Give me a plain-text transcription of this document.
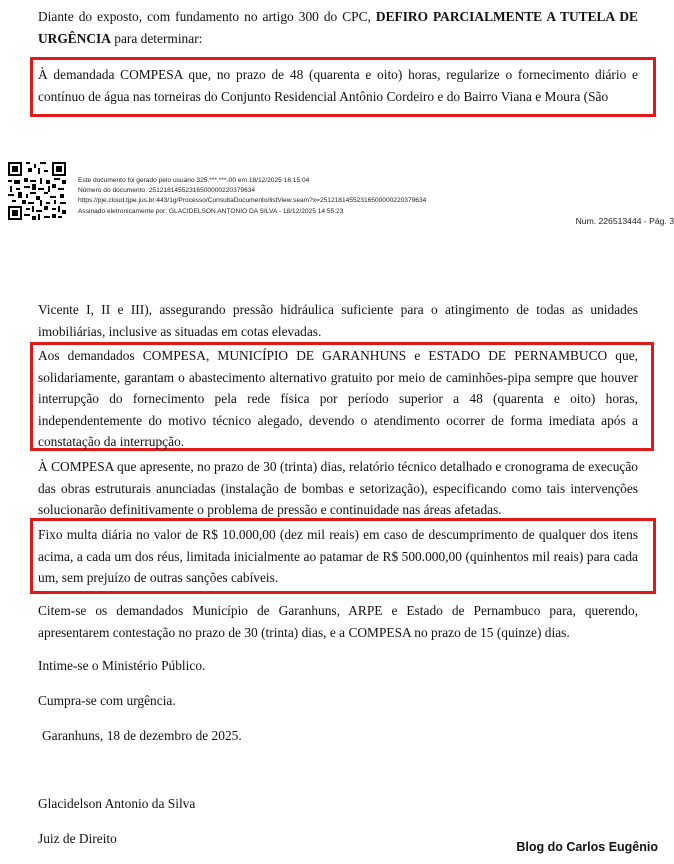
Diante do exposto, com fundamento no artigo 300 do CPC, DEFIRO PARCIALMENTE A TUTELA DE URGÊNCIA para determinar:

À demandada COMPESA que, no prazo de 48 (quarenta e oito) horas, regularize o fornecimento diário e contínuo de água nas torneiras do Conjunto Residencial Antônio Cordeiro e do Bairro Viana e Moura (São

Este documento foi gerado pelo usuário 325.***.***-00 em 18/12/2025 16:15:04
Número do documento: 25121814552316500000220379634
https://pje.cloud.tjpe.jus.br:443/1g/Processo/ConsultaDocumento/listView.seam?x=25121814552316500000220379634
Assinado eletronicamente por: GLACIDELSON ANTONIO DA SILVA - 18/12/2025 14:55:23
Num. 226513444 - Pág. 3

Vicente I, II e III), assegurando pressão hidráulica suficiente para o atingimento de todas as unidades imobiliárias, inclusive as situadas em cotas elevadas.

Aos demandados COMPESA, MUNICÍPIO DE GARANHUNS e ESTADO DE PERNAMBUCO que, solidariamente, garantam o abastecimento alternativo gratuito por meio de caminhões-pipa sempre que houver interrupção do fornecimento pela rede física por período superior a 48 (quarenta e oito) horas, independentemente do motivo técnico alegado, devendo o atendimento ocorrer de forma imediata após a constatação da interrupção.

À COMPESA que apresente, no prazo de 30 (trinta) dias, relatório técnico detalhado e cronograma de execução das obras estruturais anunciadas (instalação de bombas e setorização), especificando como tais intervenções solucionarão definitivamente o problema de pressão e continuidade nas áreas afetadas.

Fixo multa diária no valor de R$ 10.000,00 (dez mil reais) em caso de descumprimento de qualquer dos itens acima, a cada um dos réus, limitada inicialmente ao patamar de R$ 500.000,00 (quinhentos mil reais) para cada um, sem prejuízo de outras sanções cabíveis.

Citem-se os demandados Município de Garanhuns, ARPE e Estado de Pernambuco para, querendo, apresentarem contestação no prazo de 30 (trinta) dias, e a COMPESA no prazo de 15 (quinze) dias.

Intime-se o Ministério Público.

Cumpra-se com urgência.

Garanhuns, 18 de dezembro de 2025.

Glacidelson Antonio da Silva

Juiz de Direito

Blog do Carlos Eugênio
